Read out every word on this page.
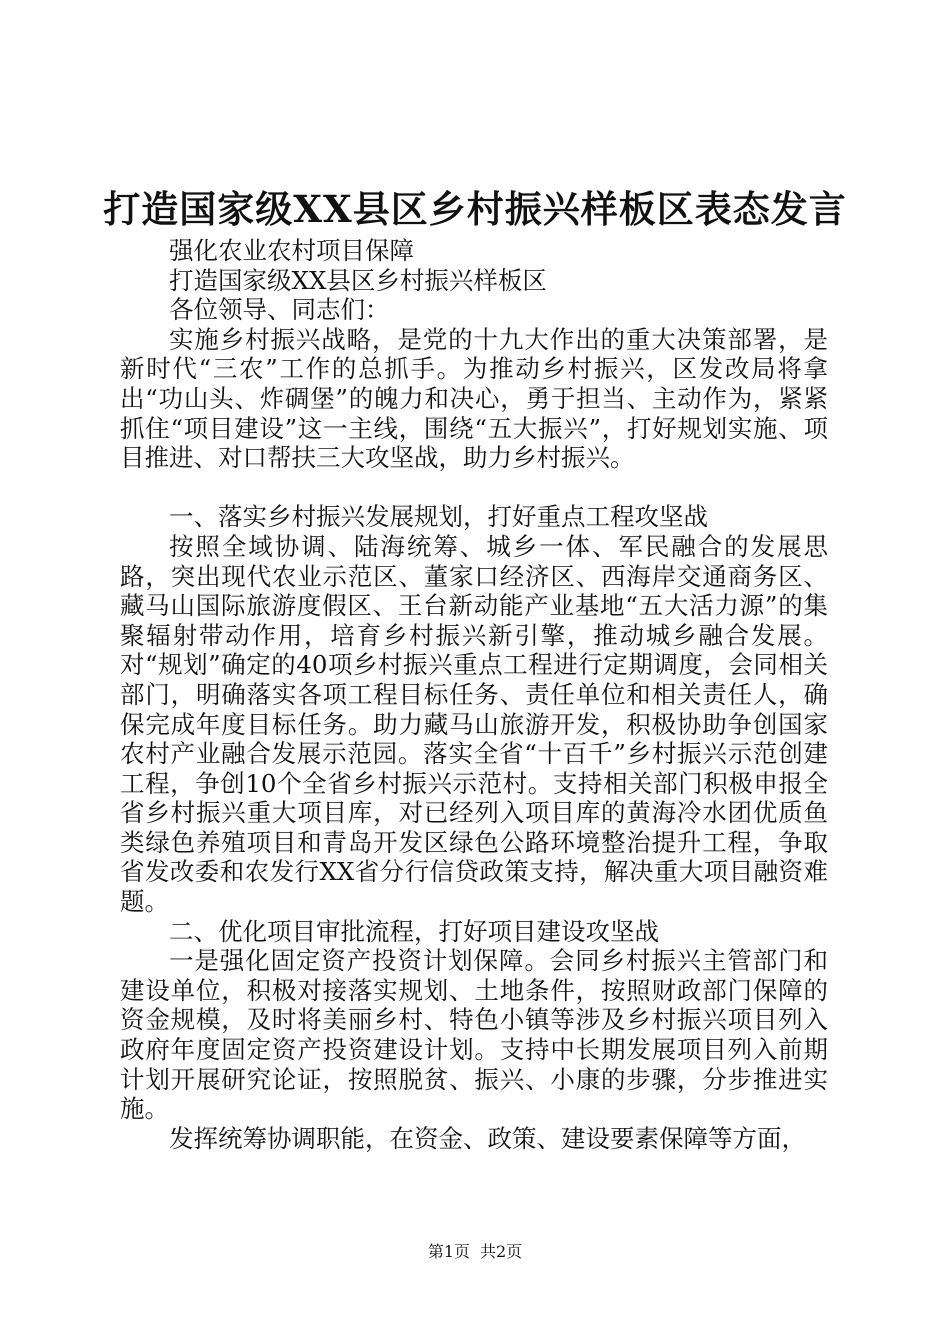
打造国家级XX县区乡村振兴样板区表态发言

强化农业农村项目保障

打造国家级XX县区乡村振兴样板区

各位领导、同志们：

实施乡村振兴战略，是党的十九大作出的重大决策部署，是新时代“三农”工作的总抓手。为推动乡村振兴，区发改局将拿出“功山头、炸碉堡”的魄力和决心，勇于担当、主动作为，紧紧抓住“项目建设”这一主线，围绕“五大振兴”，打好规划实施、项目推进、对口帮扶三大攻坚战，助力乡村振兴。

一、落实乡村振兴发展规划，打好重点工程攻坚战

按照全域协调、陆海统筹、城乡一体、军民融合的发展思路，突出现代农业示范区、董家口经济区、西海岸交通商务区、藏马山国际旅游度假区、王台新动能产业基地“五大活力源”的集聚辐射带动作用，培育乡村振兴新引擎，推动城乡融合发展。对“规划”确定的40项乡村振兴重点工程进行定期调度，会同相关部门，明确落实各项工程目标任务、责任单位和相关责任人，确保完成年度目标任务。助力藏马山旅游开发，积极协助争创国家农村产业融合发展示范园。落实全省“十百千”乡村振兴示范创建工程，争创10个全省乡村振兴示范村。支持相关部门积极申报全省乡村振兴重大项目库，对已经列入项目库的黄海冷水团优质鱼类绿色养殖项目和青岛开发区绿色公路环境整治提升工程，争取省发改委和农发行XX省分行信贷政策支持，解决重大项目融资难题。

二、优化项目审批流程，打好项目建设攻坚战

一是强化固定资产投资计划保障。会同乡村振兴主管部门和建设单位，积极对接落实规划、土地条件，按照财政部门保障的资金规模，及时将美丽乡村、特色小镇等涉及乡村振兴项目列入政府年度固定资产投资建设计划。支持中长期发展项目列入前期计划开展研究论证，按照脱贫、振兴、小康的步骤，分步推进实施。

发挥统筹协调职能，在资金、政策、建设要素保障等方面，

第1页 共2页
